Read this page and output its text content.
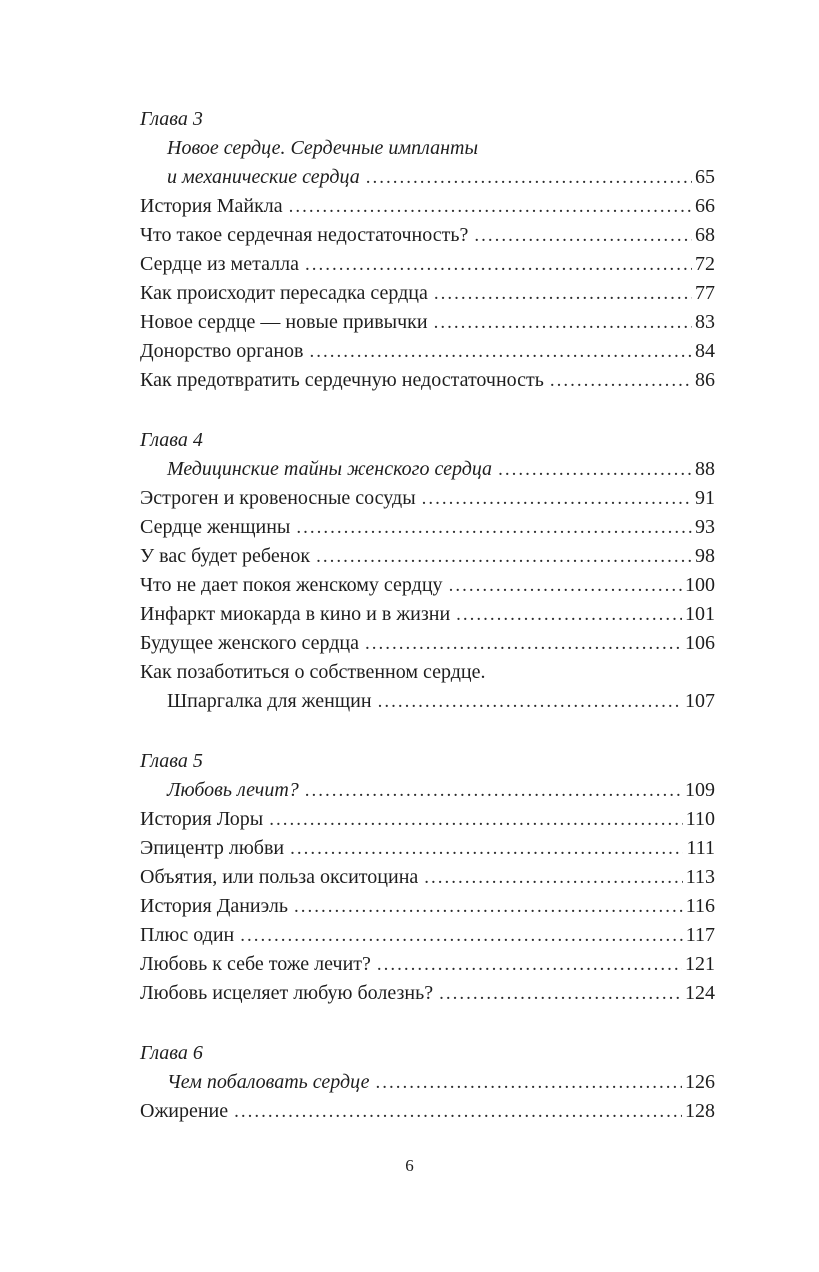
Глава 3
Новое сердце. Сердечные импланты
и механические сердца .....	65
История Майкла .....	66
Что такое сердечная недостаточность? .....	68
Сердце из металла .....	72
Как происходит пересадка сердца .....	77
Новое сердце — новые привычки .....	83
Донорство органов .....	84
Как предотвратить сердечную недостаточность .....	86
Глава 4
Медицинские тайны женского сердца .....	88
Эстроген и кровеносные сосуды .....	91
Сердце женщины .....	93
У вас будет ребенок .....	98
Что не дает покоя женскому сердцу .....	100
Инфаркт миокарда в кино и в жизни .....	101
Будущее женского сердца .....	106
Как позаботиться о собственном сердце.
Шпаргалка для женщин .....	107
Глава 5
Любовь лечит? .....	109
История Лоры .....	110
Эпицентр любви .....	111
Объятия, или польза окситоцина .....	113
История Даниэль .....	116
Плюс один .....	117
Любовь к себе тоже лечит? .....	121
Любовь исцеляет любую болезнь? .....	124
Глава 6
Чем побаловать сердце .....	126
Ожирение .....	128
6
